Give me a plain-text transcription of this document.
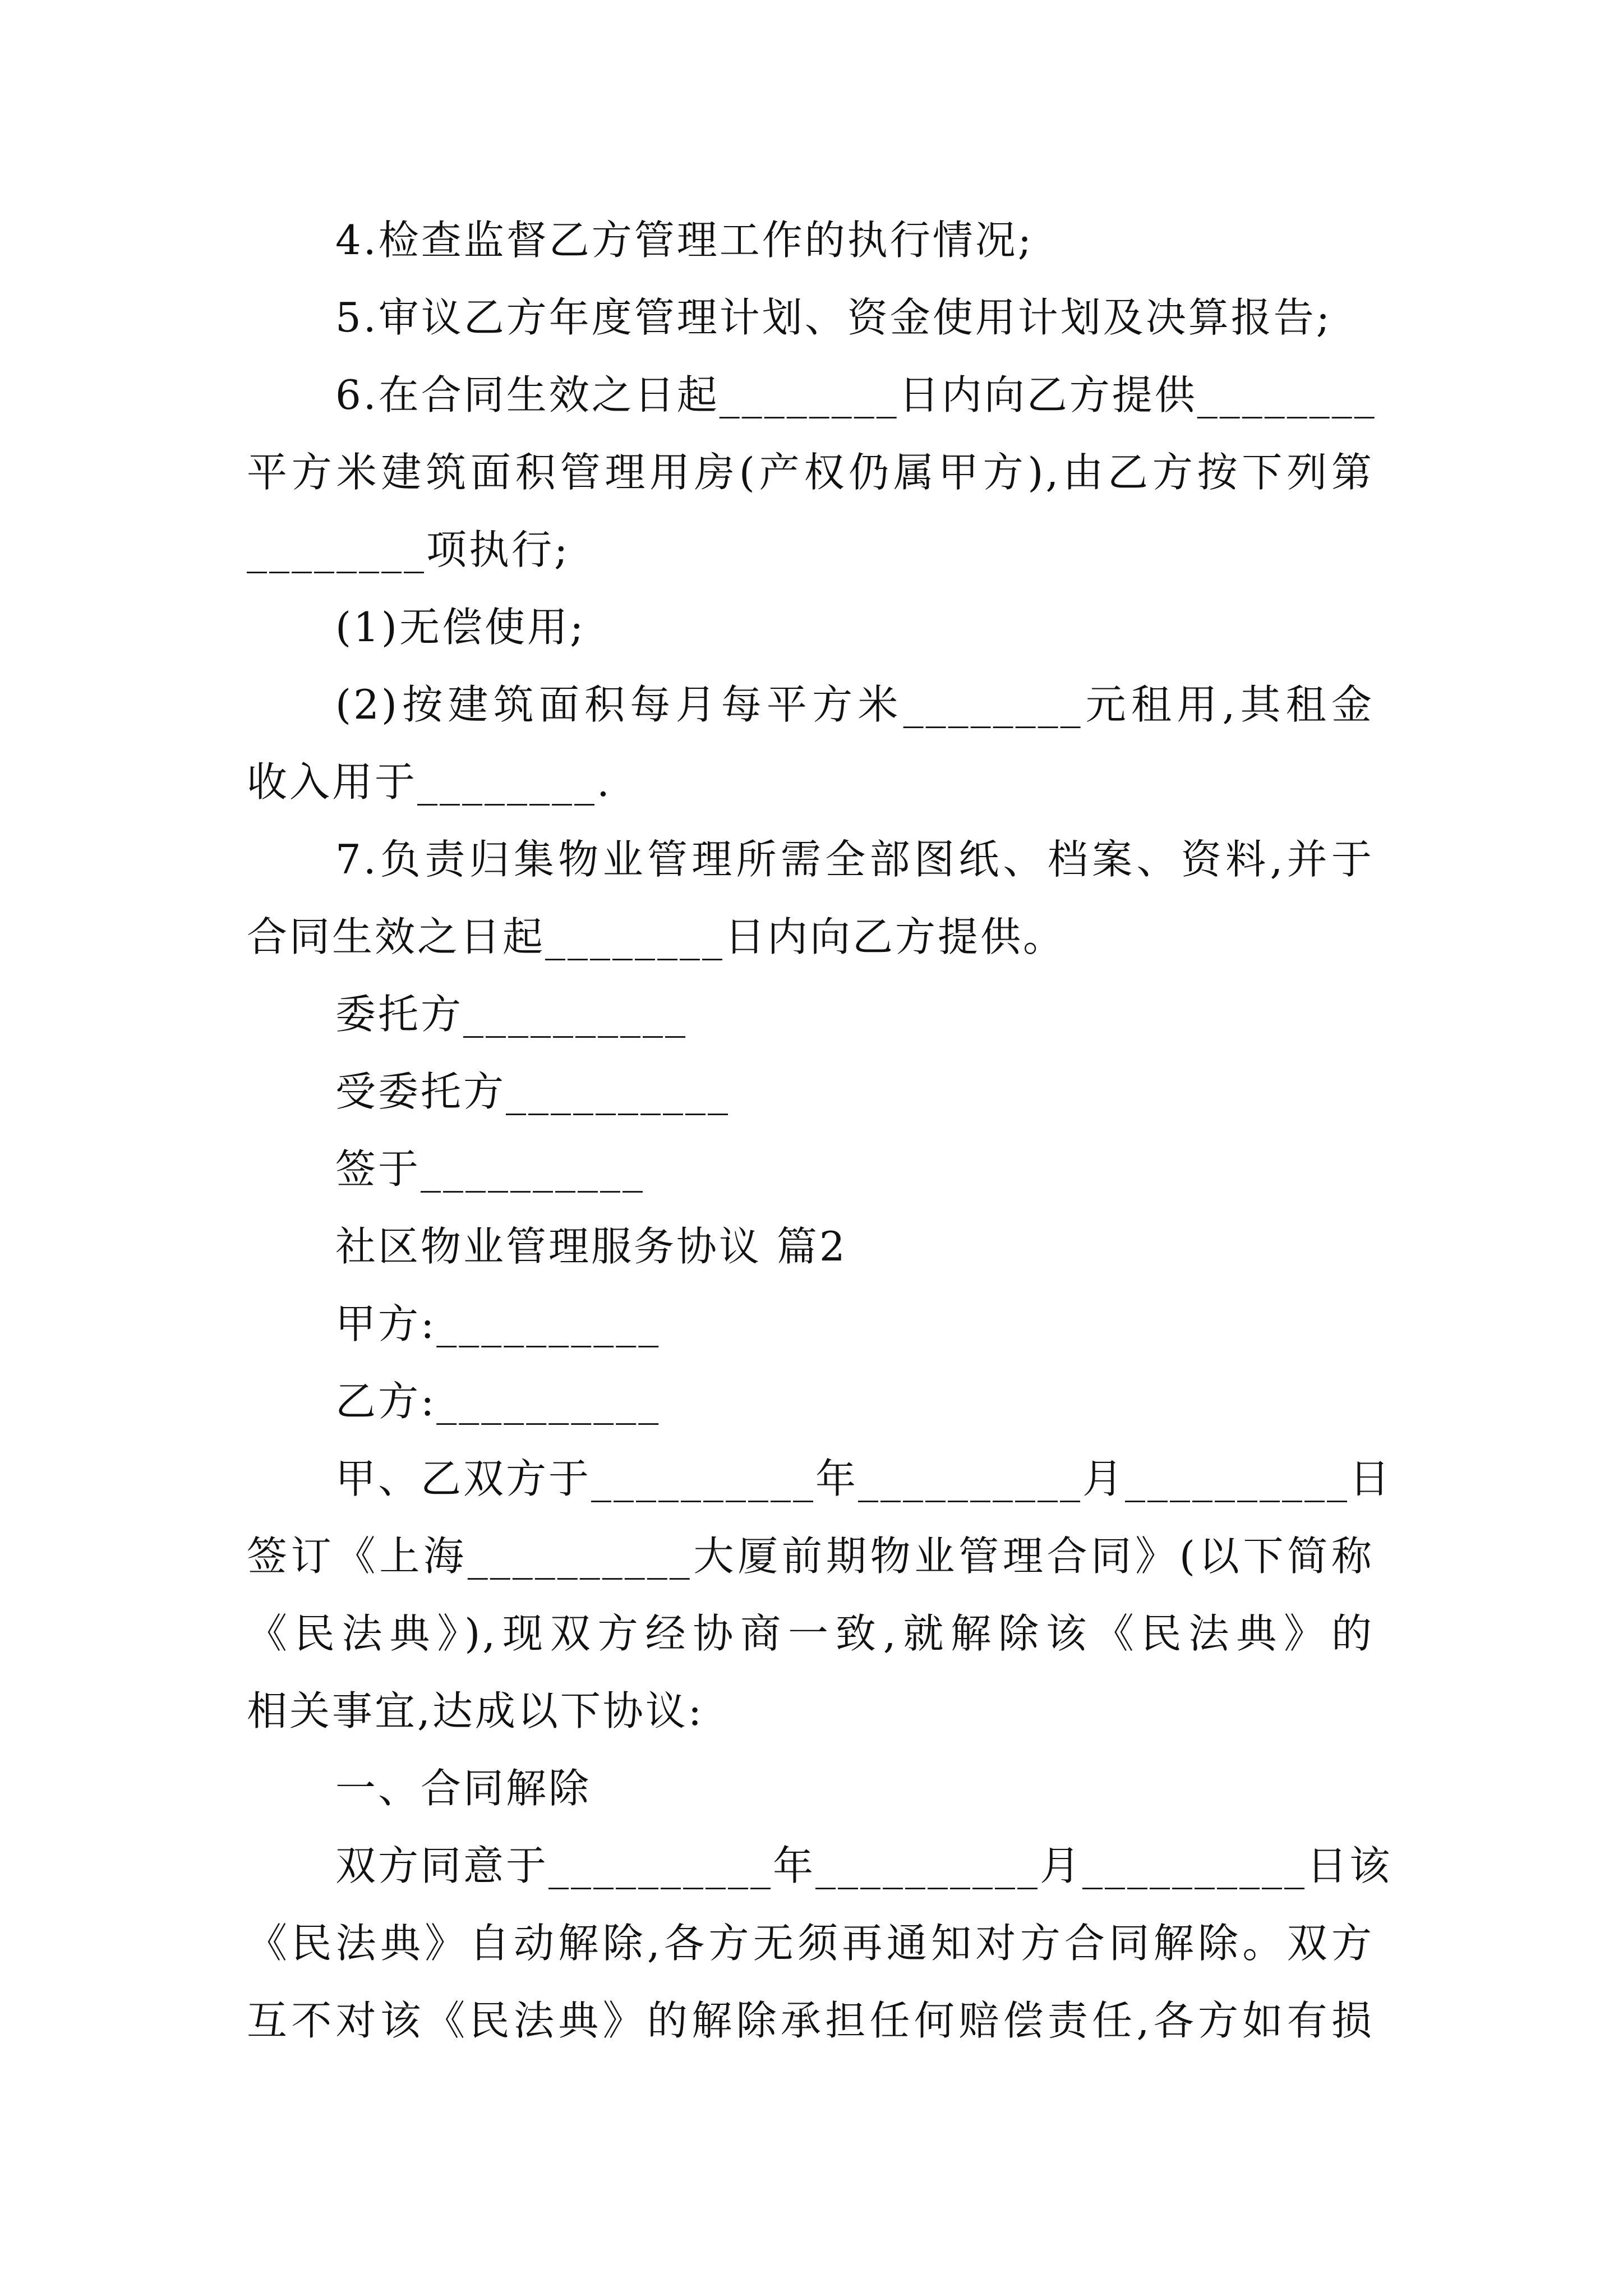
4.检查监督乙方管理工作的执行情况;
5.审议乙方年度管理计划、资金使用计划及决算报告;
6.在合同生效之日起________日内向乙方提供________
平方米建筑面积管理用房(产权仍属甲方),由乙方按下列第
________项执行;
(1)无偿使用;
(2)按建筑面积每月每平方米________元租用,其租金
收入用于________.
7.负责归集物业管理所需全部图纸、档案、资料,并于
合同生效之日起________日内向乙方提供。
委托方__________
受委托方__________
签于__________
社区物业管理服务协议 篇2
甲方:__________
乙方:__________
甲、乙双方于__________年__________月__________日
签订《上海__________大厦前期物业管理合同》(以下简称
《民法典》),现双方经协商一致,就解除该《民法典》的
相关事宜,达成以下协议:
一、合同解除
双方同意于__________年__________月__________日该
《民法典》自动解除,各方无须再通知对方合同解除。双方
互不对该《民法典》的解除承担任何赔偿责任,各方如有损
